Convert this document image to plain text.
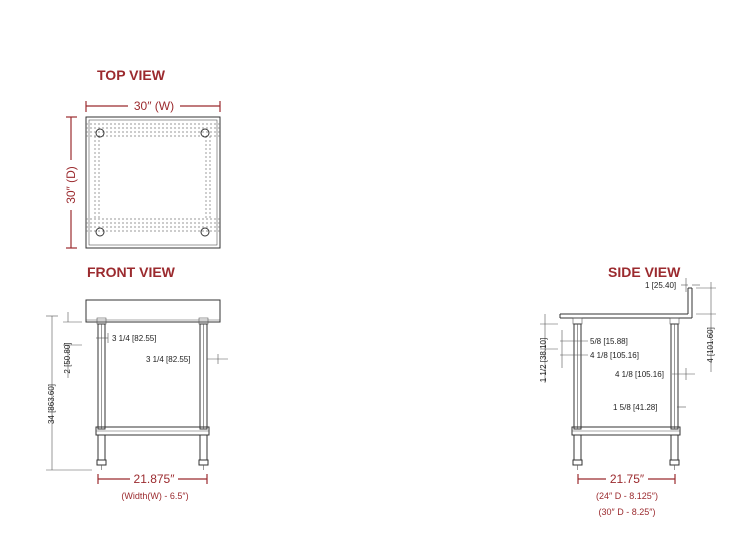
TOP VIEW
30″ (W)
30″ (D)
FRONT VIEW
34 [863.60]
2 [50.80]
3 1/4 [82.55]
3 1/4 [82.55]
21.875″
(Width(W) - 6.5″)
SIDE VIEW
1 [25.40]
4 [101.60]
1 1/2 [38.10]	5/8 [15.88]
4 1/8 [105.16]
4 1/8 [105.16]
1 5/8 [41.28]
21.75″
(24″ D - 8.125″)
(30″ D - 8.25″)
